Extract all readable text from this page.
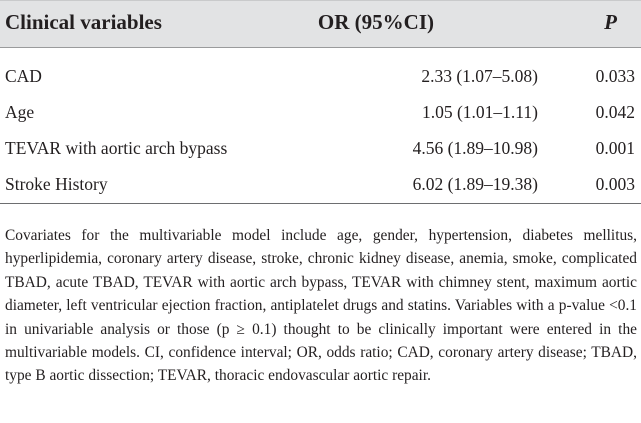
Clinical variables	OR (95%CI)	P
CAD	2.33 (1.07–5.08)	0.033
Age	1.05 (1.01–1.11)	0.042
TEVAR with aortic arch bypass	4.56 (1.89–10.98)	0.001
Stroke History	6.02 (1.89–19.38)	0.003

Covariates for the multivariable model include age, gender, hypertension, diabetes mellitus, hyperlipidemia, coronary artery disease, stroke, chronic kidney disease, anemia, smoke, complicated TBAD, acute TBAD, TEVAR with aortic arch bypass, TEVAR with chimney stent, maximum aortic diameter, left ventricular ejection fraction, antiplatelet drugs and statins. Variables with a p-value <0.1 in univariable analysis or those (p ≥ 0.1) thought to be clinically important were entered in the multivariable models. CI, confidence interval; OR, odds ratio; CAD, coronary artery disease; TBAD, type B aortic dissection; TEVAR, thoracic endovascular aortic repair.
